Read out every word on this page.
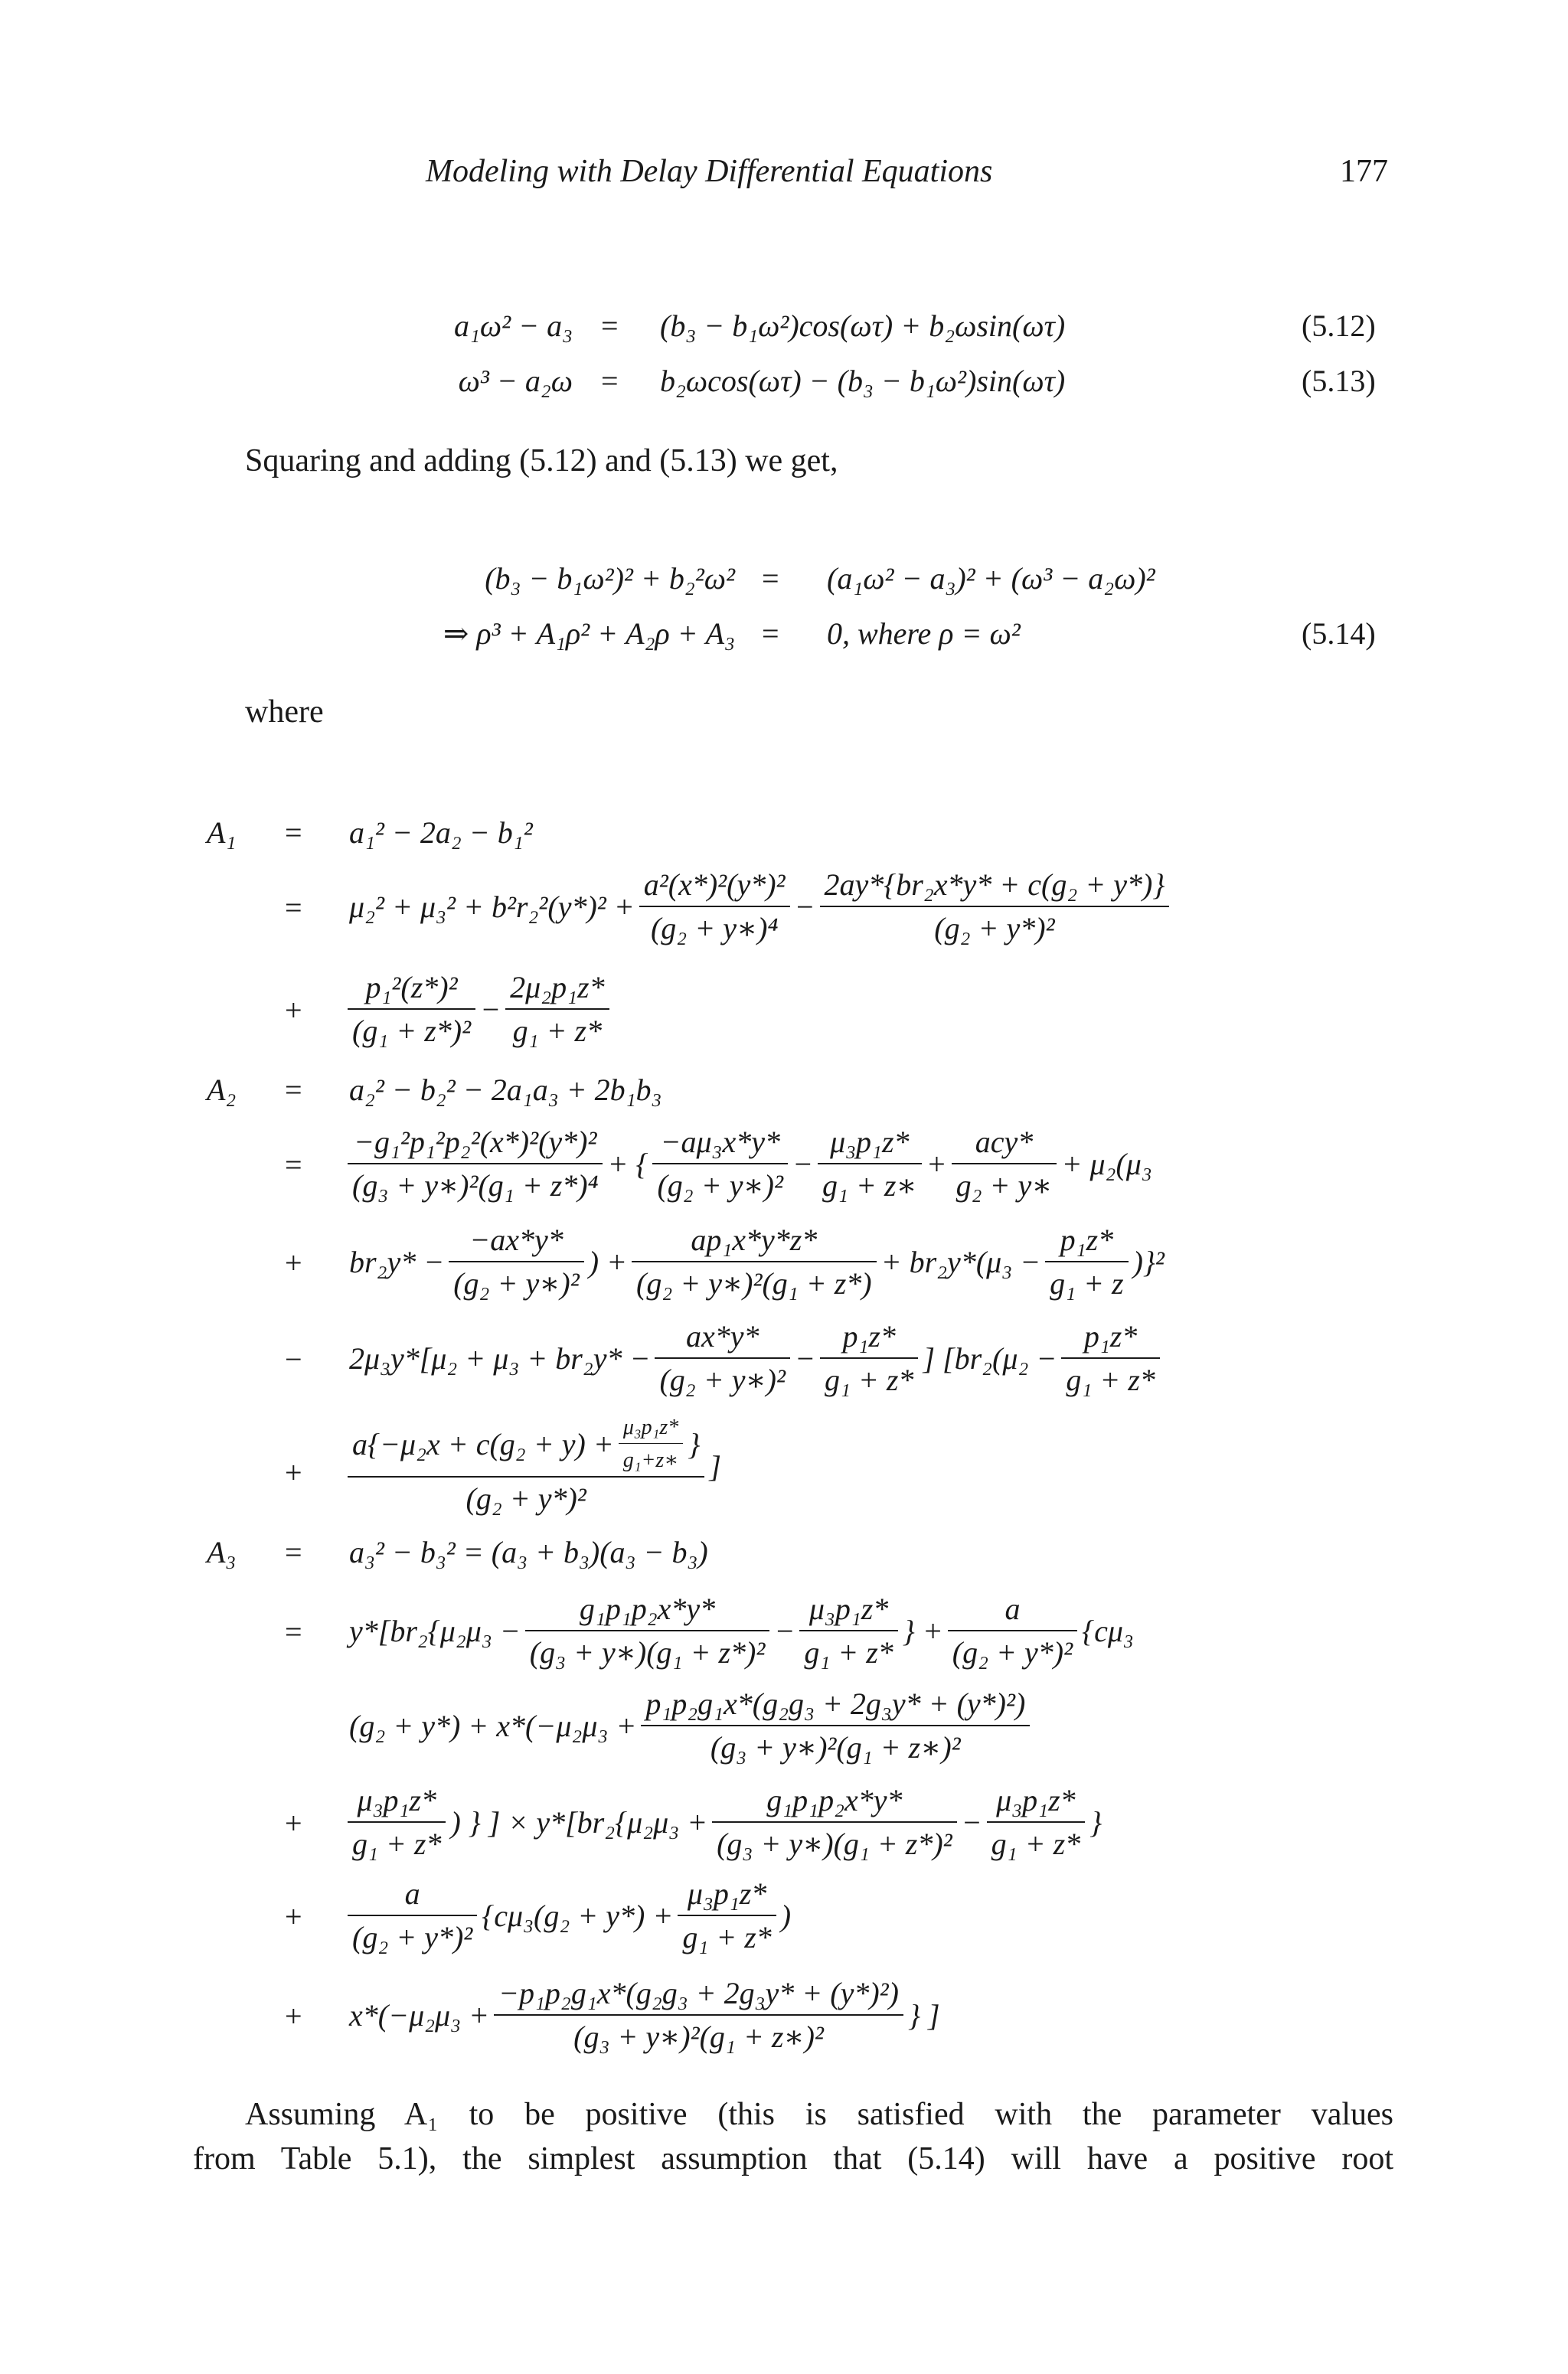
Modeling with Delay Differential Equations	177
a₁ω² − a₃ = (b₃ − b₁ω²)cos(ωτ) + b₂ωsin(ωτ)	(5.12)
ω³ − a₂ω = b₂ωcos(ωτ) − (b₃ − b₁ω²)sin(ωτ)	(5.13)
Squaring and adding (5.12) and (5.13) we get,
(b₃ − b₁ω²)² + b₂²ω² = (a₁ω² − a₃)² + (ω³ − a₂ω)²
⇒ ρ³ + A₁ρ² + A₂ρ + A₃ = 0, where ρ = ω²	(5.14)
where
A₁ = a₁² − 2a₂ − b₁²
= $\mu_2^2 + \mu_3^2 + b^2r_2^2(y*)^2 + \frac{\text{a²(x*)²(y*)²}}{\text{(g₂ + y∗)⁴}} - \frac{\text{2ay*\{br₂x*y* + c(g₂ + y*)\}}}{\text{(g₂ + y*)²}}$
+ $\frac{\text{p₁²(z*)²}}{\text{(g₁ + z*)²}} - \frac{\text{2μ₂p₁z*}}{\text{g₁ + z*}}$
A₂ = a₂² − b₂² − 2a₁a₃ + 2b₁b₃
= $\frac{\text{−g₁²p₁²p₂²(x*)²(y*)²}}{\text{(g₃ + y∗)²(g₁ + z*)⁴}}$ + { $\frac{\text{−aμ₃x*y*}}{\text{(g₂ + y∗)²}} - \frac{\text{μ₃p₁z*}}{\text{g₁ + z∗}} + \frac{\text{acy*}}{\text{g₂ + y∗}} + \mu_2(\mu_3$
+ $br_2y* - \frac{-ax*y*}{\text{(g₂ + y∗)²}}$ ) + $\frac{\text{ap₁x*y*z*}}{\text{(g₂ + y∗)²(g₁ + z*)}} + br_2y*(\mu_3 - \frac{\text{p₁z*}}{\text{g₁ + z}} )\}^2$
− $2\mu_3y*[\mu_2 + \mu_3 + br_2y* - \frac{ax*y*}{\text{(g₂ + y∗)²}} - \frac{\text{p₁z*}}{\text{g₁ + z*}}$ ] [$br_2(\mu_2 - \frac{\text{p₁z*}}{\text{g₁ + z*}}$
+ $\frac{a\{-\mu_2x + c(g_2 + y) + \frac{\text{μ₃p₁z*}}{\text{g₁+z∗}} \}}{\text{(g₂ + y*)²}}$ ]
A₃ = a₃² − b₃² = (a₃ + b₃)(a₃ − b₃)
= $y*[br_2\{\mu_2\mu_3 - \frac{\text{g₁p₁p₂x*y*}}{\text{(g₃ + y∗)(g₁ + z*)²}} - \frac{\text{μ₃p₁z*}}{\text{g₁ + z*}}$ } + $\frac{a}{\text{(g₂ + y*)²}} \{c\mu_3$
$(g_2 + y*) + x*(-\mu_2\mu_3 + \frac{\text{p₁p₂g₁x*(g₂g₃ + 2g₃y* + (y*)²)}}{\text{(g₃ + y∗)²(g₁ + z∗)²}}$
+ $\frac{\text{μ₃p₁z*}}{\text{g₁ + z*}}$ ) } ] × $y*[br_2\{\mu_2\mu_3 + \frac{\text{g₁p₁p₂x*y*}}{\text{(g₃ + y∗)(g₁ + z*)²}} - \frac{\text{μ₃p₁z*}}{\text{g₁ + z*}}$ }
+ $\frac{a}{\text{(g₂ + y*)²}} \{c\mu_3(g_2 + y*) + \frac{\text{μ₃p₁z*}}{\text{g₁ + z*}}$ )
+ $x*(-\mu_2\mu_3 + \frac{\text{−p₁p₂g₁x*(g₂g₃ + 2g₃y* + (y*)²)}}{\text{(g₃ + y∗)²(g₁ + z∗)²}}$ } ]
Assuming A₁ to be positive (this is satisfied with the parameter values
from Table 5.1), the simplest assumption that (5.14) will have a positive root
